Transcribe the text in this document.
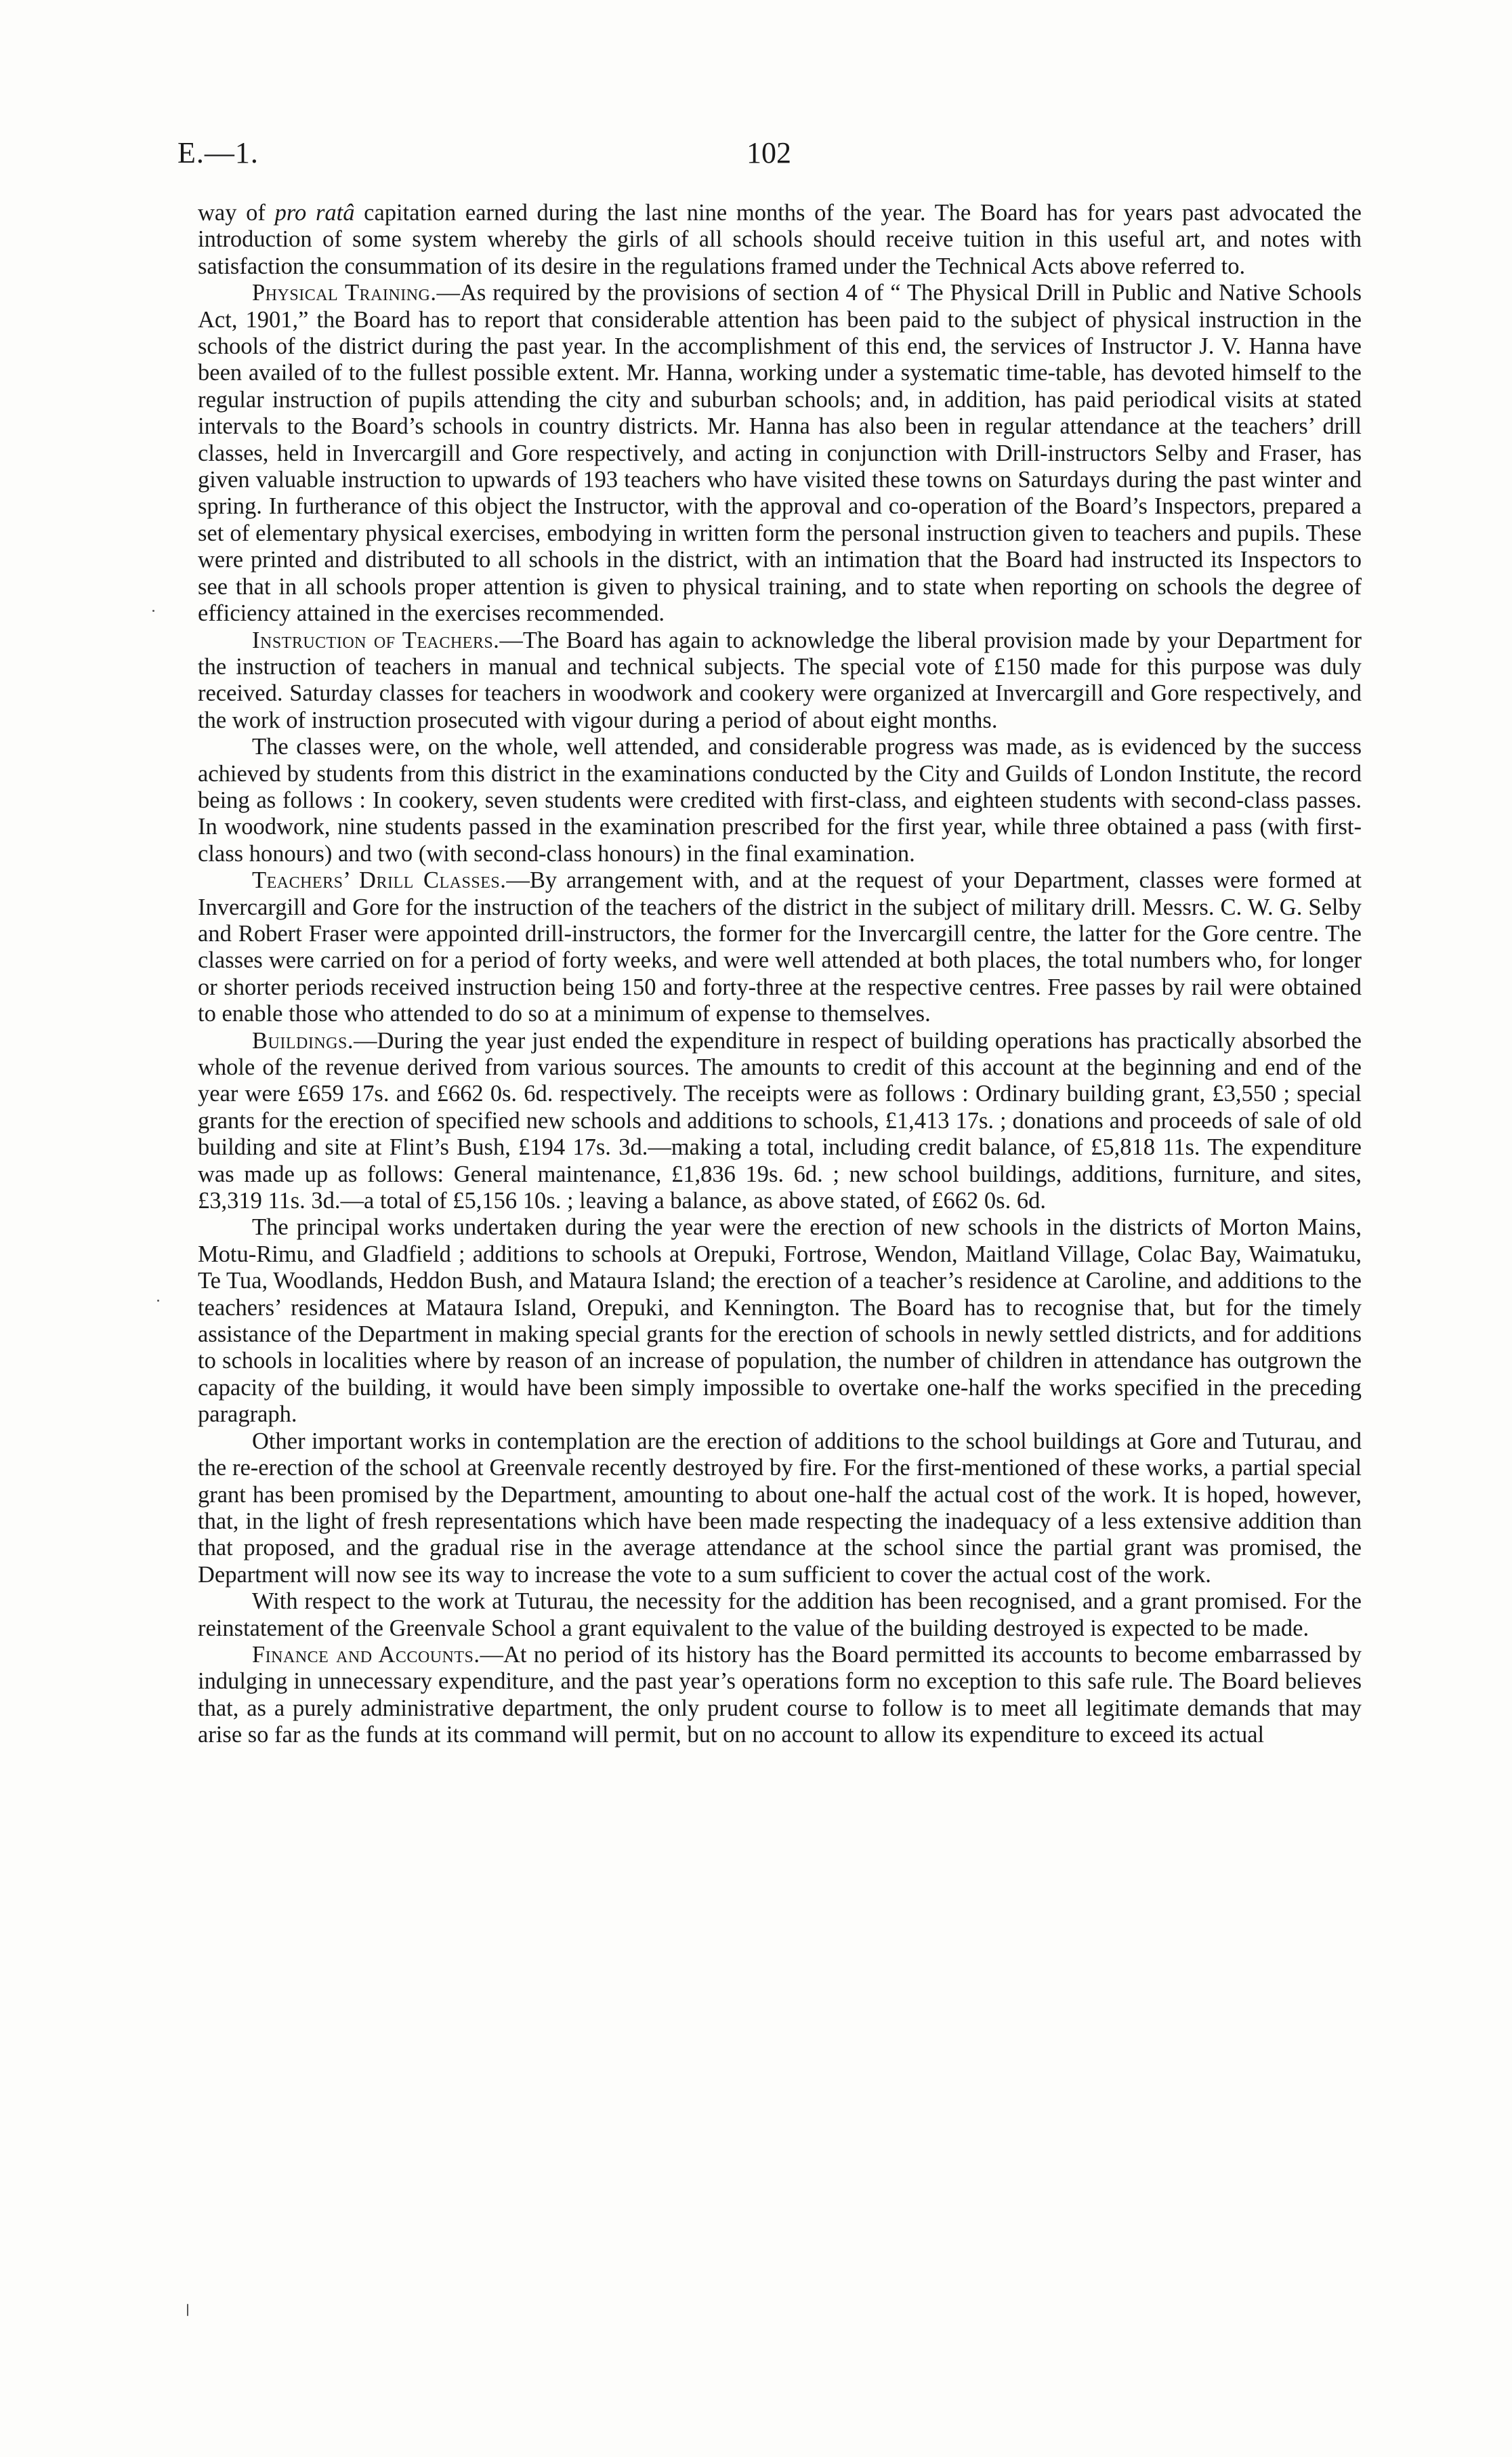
E.—1.	102

way of pro ratâ capitation earned during the last nine months of the year. The Board has for years past advocated the introduction of some system whereby the girls of all schools should receive tuition in this useful art, and notes with satisfaction the consummation of its desire in the regulations framed under the Technical Acts above referred to.

Physical Training.—As required by the provisions of section 4 of “ The Physical Drill in Public and Native Schools Act, 1901,” the Board has to report that considerable attention has been paid to the subject of physical instruction in the schools of the district during the past year. In the accomplishment of this end, the services of Instructor J. V. Hanna have been availed of to the fullest possible extent. Mr. Hanna, working under a systematic time-table, has devoted himself to the regular instruction of pupils attending the city and suburban schools; and, in addition, has paid periodical visits at stated intervals to the Board’s schools in country districts. Mr. Hanna has also been in regular attendance at the teachers’ drill classes, held in Invercargill and Gore respectively, and acting in conjunction with Drill-instructors Selby and Fraser, has given valuable instruction to upwards of 193 teachers who have visited these towns on Saturdays during the past winter and spring. In furtherance of this object the Instructor, with the approval and co-operation of the Board’s Inspectors, prepared a set of elementary physical exercises, embodying in written form the personal instruction given to teachers and pupils. These were printed and distributed to all schools in the district, with an intimation that the Board had instructed its Inspectors to see that in all schools proper attention is given to physical training, and to state when reporting on schools the degree of efficiency attained in the exercises recommended.

Instruction of Teachers.—The Board has again to acknowledge the liberal provision made by your Department for the instruction of teachers in manual and technical subjects. The special vote of £150 made for this purpose was duly received. Saturday classes for teachers in woodwork and cookery were organized at Invercargill and Gore respectively, and the work of instruction prosecuted with vigour during a period of about eight months.

The classes were, on the whole, well attended, and considerable progress was made, as is evidenced by the success achieved by students from this district in the examinations conducted by the City and Guilds of London Institute, the record being as follows : In cookery, seven students were credited with first-class, and eighteen students with second-class passes. In woodwork, nine students passed in the examination prescribed for the first year, while three obtained a pass (with first-class honours) and two (with second-class honours) in the final examination.

Teachers’ Drill Classes.—By arrangement with, and at the request of your Department, classes were formed at Invercargill and Gore for the instruction of the teachers of the district in the subject of military drill. Messrs. C. W. G. Selby and Robert Fraser were appointed drill-instructors, the former for the Invercargill centre, the latter for the Gore centre. The classes were carried on for a period of forty weeks, and were well attended at both places, the total numbers who, for longer or shorter periods received instruction being 150 and forty-three at the respective centres. Free passes by rail were obtained to enable those who attended to do so at a minimum of expense to themselves.

Buildings.—During the year just ended the expenditure in respect of building operations has practically absorbed the whole of the revenue derived from various sources. The amounts to credit of this account at the beginning and end of the year were £659 17s. and £662 0s. 6d. respectively. The receipts were as follows : Ordinary building grant, £3,550 ; special grants for the erection of specified new schools and additions to schools, £1,413 17s. ; donations and proceeds of sale of old building and site at Flint’s Bush, £194 17s. 3d.—making a total, including credit balance, of £5,818 11s. The expenditure was made up as follows: General maintenance, £1,836 19s. 6d. ; new school buildings, additions, furniture, and sites, £3,319 11s. 3d.—a total of £5,156 10s. ; leaving a balance, as above stated, of £662 0s. 6d.

The principal works undertaken during the year were the erection of new schools in the districts of Morton Mains, Motu-Rimu, and Gladfield ; additions to schools at Orepuki, Fortrose, Wendon, Maitland Village, Colac Bay, Waimatuku, Te Tua, Woodlands, Heddon Bush, and Mataura Island; the erection of a teacher’s residence at Caroline, and additions to the teachers’ residences at Mataura Island, Orepuki, and Kennington. The Board has to recognise that, but for the timely assistance of the Department in making special grants for the erection of schools in newly settled districts, and for additions to schools in localities where by reason of an increase of population, the number of children in attendance has outgrown the capacity of the building, it would have been simply impossible to overtake one-half the works specified in the preceding paragraph.

Other important works in contemplation are the erection of additions to the school buildings at Gore and Tuturau, and the re-erection of the school at Greenvale recently destroyed by fire. For the first-mentioned of these works, a partial special grant has been promised by the Department, amounting to about one-half the actual cost of the work. It is hoped, however, that, in the light of fresh representations which have been made respecting the inadequacy of a less extensive addition than that proposed, and the gradual rise in the average attendance at the school since the partial grant was promised, the Department will now see its way to increase the vote to a sum sufficient to cover the actual cost of the work.

With respect to the work at Tuturau, the necessity for the addition has been recognised, and a grant promised. For the reinstatement of the Greenvale School a grant equivalent to the value of the building destroyed is expected to be made.

Finance and Accounts.—At no period of its history has the Board permitted its accounts to become embarrassed by indulging in unnecessary expenditure, and the past year’s operations form no exception to this safe rule. The Board believes that, as a purely administrative department, the only prudent course to follow is to meet all legitimate demands that may arise so far as the funds at its command will permit, but on no account to allow its expenditure to exceed its actual
